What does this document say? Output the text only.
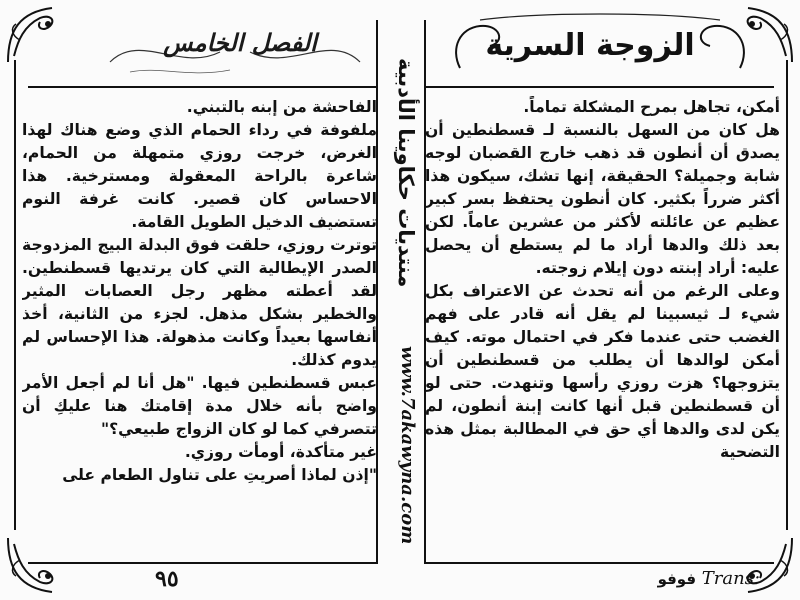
الفصل الخامس

الفاحشة من إبنه بالتبني.
ملفوفة في رداء الحمام الذي وضع هناك لهذا الغرض، خرجت روزي متمهلة من الحمام، شاعرة بالراحة المعقولة ومسترخية. هذا الاحساس كان قصير. كانت غرفة النوم تستضيف الدخيل الطويل القامة.
توترت روزي، حلقت فوق البدلة البيج المزدوجة الصدر الإيطالية التي كان يرتديها قسطنطين. لقد أعطته مظهر رجل العصابات المثير والخطير بشكل مذهل. لجزء من الثانية، أخذ أنفاسها بعيداً وكانت مذهولة. هذا الإحساس لم يدوم كذلك.
عبس قسطنطين فيها. "هل أنا لم أجعل الأمر واضح بأنه خلال مدة إقامتك هنا عليكِ أن تتصرفي كما لو كان الزواج طبيعي؟"
غير متأكدة، أومأت روزي.
"إذن لماذا أصريتِ على تناول الطعام على

٩٥
منتديات حكاوينا الأدبية
www.7akawyna.com
الزوجة السرية

أمكن، تجاهل بمرح المشكلة تماماً.
هل كان من السهل بالنسبة لـ قسطنطين أن يصدق أن أنطون قد ذهب خارج القضبان لوجه شابة وجميلة؟ الحقيقة، إنها تشك، سيكون هذا أكثر ضرراً بكثير. كان أنطون يحتفظ بسر كبير عظيم عن عائلته لأكثر من عشرين عاماً. لكن بعد ذلك والدها أراد ما لم يستطع أن يحصل عليه: أراد إبنته دون إيلام زوجته.
وعلى الرغم من أنه تحدث عن الاعتراف بكل شيء لـ ثيسبينا لم يقل أنه قادر على فهم الغضب حتى عندما فكر في احتمال موته. كيف أمكن لوالدها أن يطلب من قسطنطين أن يتزوجها؟ هزت روزي رأسها وتنهدت. حتى لو أن قسطنطين قبل أنها كانت إبنة أنطون، لم يكن لدى والدها أي حق في المطالبة بمثل هذه التضحية

فوفو Trans:
